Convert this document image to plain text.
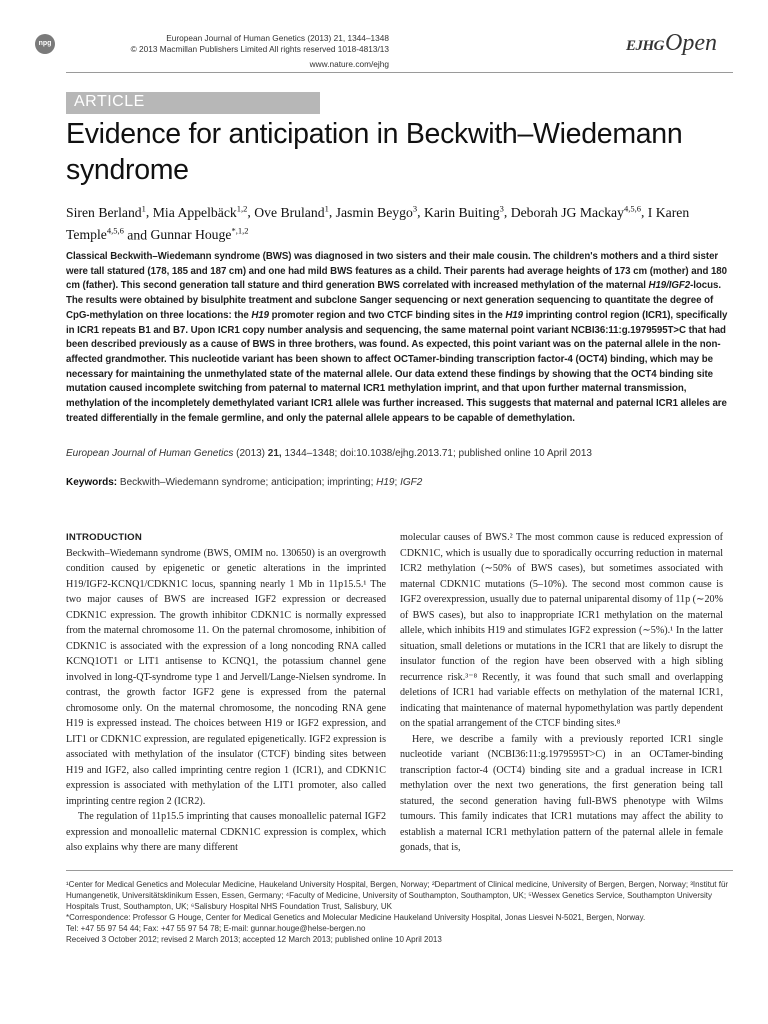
npg
European Journal of Human Genetics (2013) 21, 1344–1348
© 2013 Macmillan Publishers Limited All rights reserved 1018-4813/13
www.nature.com/ejhg
EJHGOpen
ARTICLE
Evidence for anticipation in Beckwith–Wiedemann syndrome
Siren Berland$^1$, Mia Appelbäck$^{1,2}$, Ove Bruland$^1$, Jasmin Beygo$^3$, Karin Buiting$^3$, Deborah JG Mackay$^{4,5,6}$, I Karen Temple$^{4,5,6}$ and Gunnar Houge$^{*,1,2}$
Classical Beckwith–Wiedemann syndrome (BWS) was diagnosed in two sisters and their male cousin. The children's mothers and a third sister were tall statured (178, 185 and 187 cm) and one had mild BWS features as a child. Their parents had average heights of 173 cm (mother) and 180 cm (father). This second generation tall stature and third generation BWS correlated with increased methylation of the maternal H19/IGF2-locus. The results were obtained by bisulphite treatment and subclone Sanger sequencing or next generation sequencing to quantitate the degree of CpG-methylation on three locations: the H19 promoter region and two CTCF binding sites in the H19 imprinting control region (ICR1), specifically in ICR1 repeats B1 and B7. Upon ICR1 copy number analysis and sequencing, the same maternal point variant NCBI36:11:g.1979595T>C that had been described previously as a cause of BWS in three brothers, was found. As expected, this point variant was on the paternal allele in the non-affected grandmother. This nucleotide variant has been shown to affect OCTamer-binding transcription factor-4 (OCT4) binding, which may be necessary for maintaining the unmethylated state of the maternal allele. Our data extend these findings by showing that the OCT4 binding site mutation caused incomplete switching from paternal to maternal ICR1 methylation imprint, and that upon further maternal transmission, methylation of the incompletely demethylated variant ICR1 allele was further increased. This suggests that maternal and paternal ICR1 alleles are treated differentially in the female germline, and only the paternal allele appears to be capable of demethylation.
European Journal of Human Genetics (2013) 21, 1344–1348; doi:10.1038/ejhg.2013.71; published online 10 April 2013
Keywords: Beckwith–Wiedemann syndrome; anticipation; imprinting; H19; IGF2
INTRODUCTION

Beckwith–Wiedemann syndrome (BWS, OMIM no. 130650) is an overgrowth condition caused by epigenetic or genetic alterations in the imprinted H19/IGF2-KCNQ1/CDKN1C locus, spanning nearly 1 Mb in 11p15.5.¹ The two major causes of BWS are increased IGF2 expression or decreased CDKN1C expression. The growth inhibitor CDKN1C is normally expressed from the maternal chromosome 11. On the paternal chromosome, inhibition of CDKN1C is associated with the expression of a long noncoding RNA called KCNQ1OT1 or LIT1 antisense to KCNQ1, the potassium channel gene involved in long-QT-syndrome type 1 and Jervell/Lange-Nielsen syndrome. In contrast, the growth factor IGF2 gene is expressed from the paternal chromosome only. On the maternal chromosome, the noncoding RNA gene H19 is expressed instead. The choices between H19 or IGF2 expression, and LIT1 or CDKN1C expression, are regulated epigenetically. IGF2 expression is associated with methylation of the insulator (CTCF) binding sites between H19 and IGF2, also called imprinting centre region 1 (ICR1), and CDKN1C expression is associated with methylation of the LIT1 promoter, also called imprinting centre region 2 (ICR2).

The regulation of 11p15.5 imprinting that causes monoallelic paternal IGF2 expression and monoallelic maternal CDKN1C expression is complex, which also explains why there are many different

molecular causes of BWS.² The most common cause is reduced expression of CDKN1C, which is usually due to sporadically occurring reduction in maternal ICR2 methylation (∼50% of BWS cases), but sometimes associated with maternal CDKN1C mutations (5–10%). The second most common cause is IGF2 overexpression, usually due to paternal uniparental disomy of 11p (∼20% of BWS cases), but also to inappropriate ICR1 methylation on the maternal allele, which inhibits H19 and stimulates IGF2 expression (∼5%).¹ In the latter situation, small deletions or mutations in the ICR1 that are likely to disrupt the insulator function of the region have been observed with a high sibling recurrence risk.³⁻⁸ Recently, it was found that such small and overlapping deletions of ICR1 had variable effects on methylation of the maternal ICR1, indicating that maintenance of maternal hypomethylation was partly dependent on the spatial arrangement of the CTCF binding sites.⁸

Here, we describe a family with a previously reported ICR1 single nucleotide variant (NCBI36:11:g.1979595T>C) in an OCTamer-binding transcription factor-4 (OCT4) binding site and a gradual increase in ICR1 methylation over the next two generations, the first generation being tall statured, the second generation having full-BWS phenotype with Wilms tumours. This family indicates that ICR1 mutations may affect the ability to establish a maternal ICR1 methylation pattern of the paternal allele in female gonads, that is,

¹Center for Medical Genetics and Molecular Medicine, Haukeland University Hospital, Bergen, Norway; ²Department of Clinical medicine, University of Bergen, Bergen, Norway; ³Institut für Humangenetik, Universitätsklinikum Essen, Essen, Germany; ⁴Faculty of Medicine, University of Southampton, Southampton, UK; ⁵Wessex Genetics Service, Southampton University Hospitals Trust, Southampton, UK; ⁶Salisbury Hospital NHS Foundation Trust, Salisbury, UK
*Correspondence: Professor G Houge, Center for Medical Genetics and Molecular Medicine Haukeland University Hospital, Jonas Liesvei N-5021, Bergen, Norway.
Tel: +47 55 97 54 44; Fax: +47 55 97 54 78; E-mail: gunnar.houge@helse-bergen.no
Received 3 October 2012; revised 2 March 2013; accepted 12 March 2013; published online 10 April 2013
